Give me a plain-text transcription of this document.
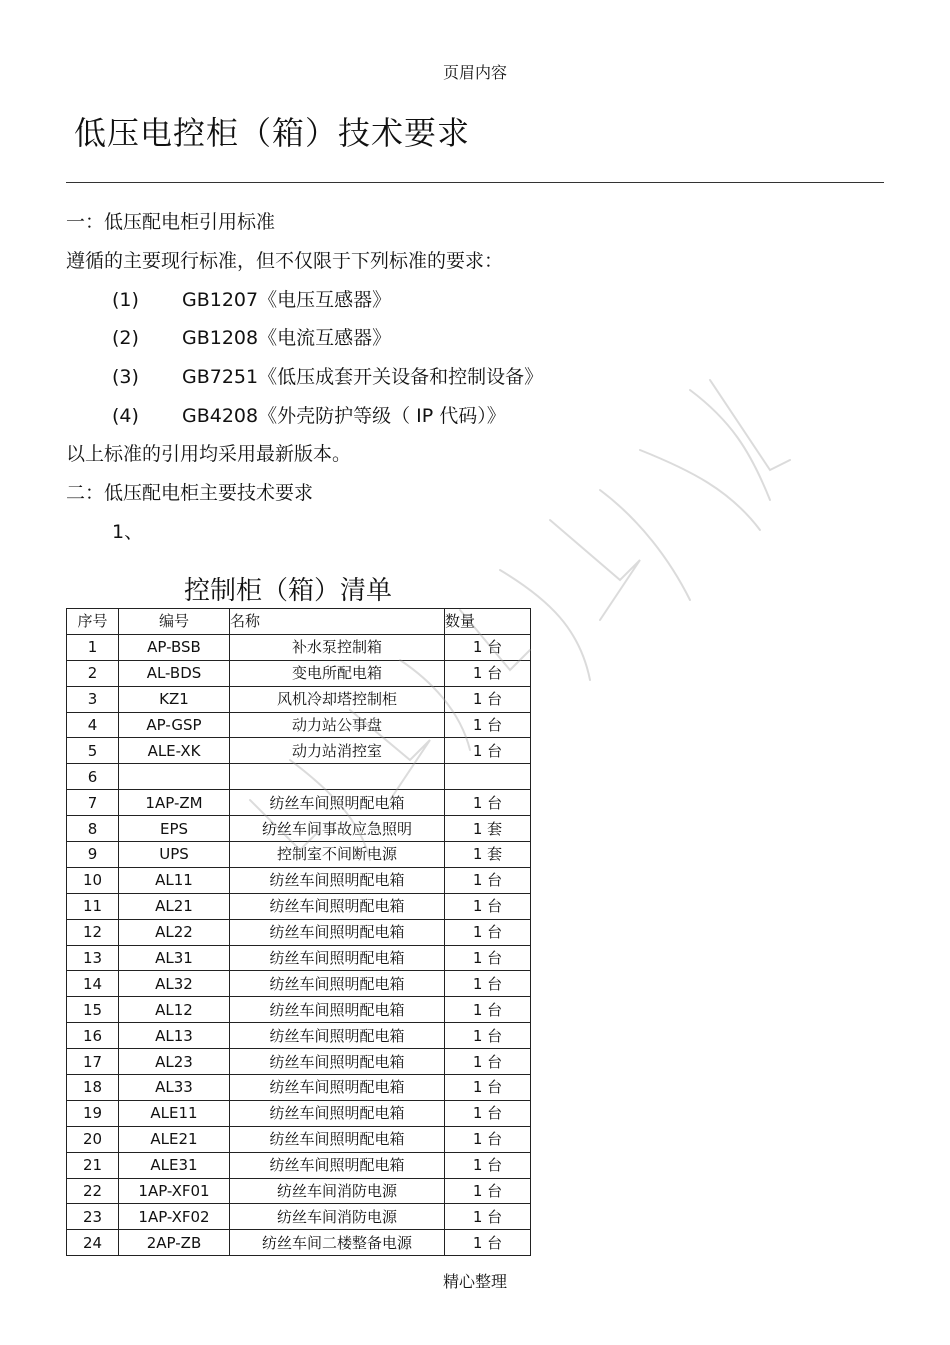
页眉内容
低压电控柜（箱）技术要求
一：低压配电柜引用标准
遵循的主要现行标准，但不仅限于下列标准的要求：
(1) GB1207《电压互感器》
(2) GB1208《电流互感器》
(3) GB7251《低压成套开关设备和控制设备》
(4) GB4208《外壳防护等级（ IP 代码）》
以上标准的引用均采用最新版本。
二：低压配电柜主要技术要求
1、
控制柜（箱）清单
序号	编号	名称	数量
1	AP-BSB	补水泵控制箱	1 台
2	AL-BDS	变电所配电箱	1 台
3	KZ1	风机冷却塔控制柜	1 台
4	AP-GSP	动力站公事盘	1 台
5	ALE-XK	动力站消控室	1 台
6			
7	1AP-ZM	纺丝车间照明配电箱	1 台
8	EPS	纺丝车间事故应急照明	1 套
9	UPS	控制室不间断电源	1 套
10	AL11	纺丝车间照明配电箱	1 台
11	AL21	纺丝车间照明配电箱	1 台
12	AL22	纺丝车间照明配电箱	1 台
13	AL31	纺丝车间照明配电箱	1 台
14	AL32	纺丝车间照明配电箱	1 台
15	AL12	纺丝车间照明配电箱	1 台
16	AL13	纺丝车间照明配电箱	1 台
17	AL23	纺丝车间照明配电箱	1 台
18	AL33	纺丝车间照明配电箱	1 台
19	ALE11	纺丝车间照明配电箱	1 台
20	ALE21	纺丝车间照明配电箱	1 台
21	ALE31	纺丝车间照明配电箱	1 台
22	1AP-XF01	纺丝车间消防电源	1 台
23	1AP-XF02	纺丝车间消防电源	1 台
24	2AP-ZB	纺丝车间二楼整备电源	1 台
精心整理
